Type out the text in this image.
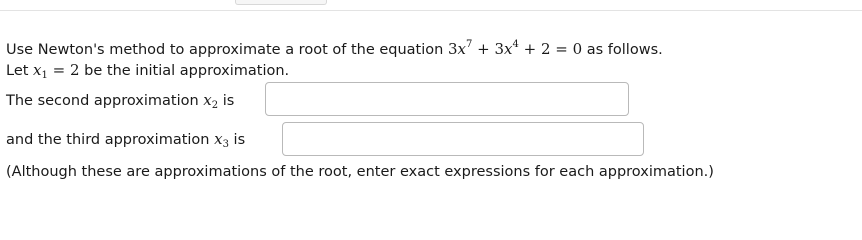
Use Newton's method to approximate a root of the equation $3x^7 + 3x^4 + 2 = 0$ as follows.
Let $x_1 = 2$ be the initial approximation.
The second approximation $x_2$ is
and the third approximation $x_3$ is
(Although these are approximations of the root, enter exact expressions for each approximation.)
